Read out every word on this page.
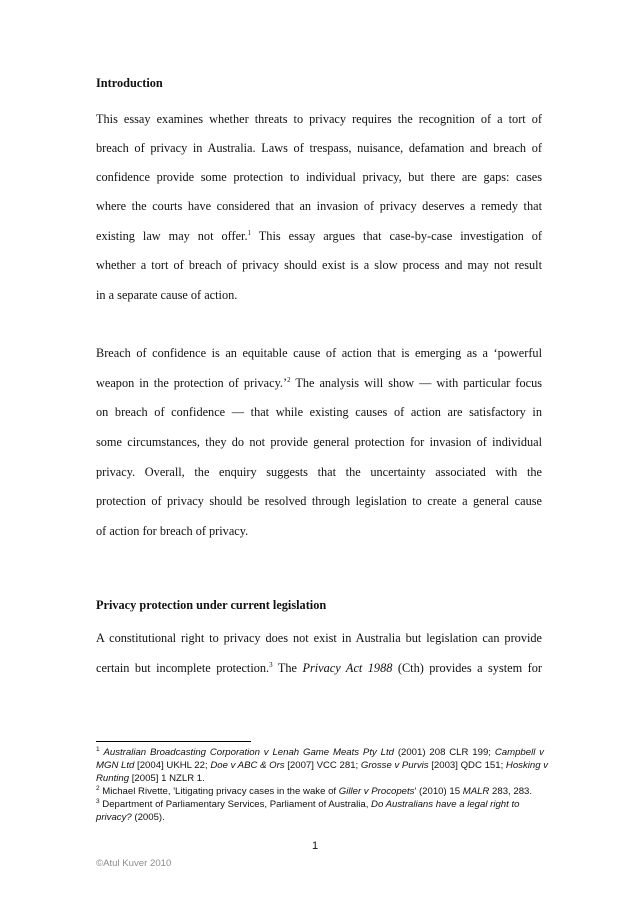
Introduction
This essay examines whether threats to privacy requires the recognition of a tort of
breach of privacy in Australia. Laws of trespass, nuisance, defamation and breach of
confidence provide some protection to individual privacy, but there are gaps: cases
where the courts have considered that an invasion of privacy deserves a remedy that
existing law may not offer.$^1$ This essay argues that case-by-case investigation of
whether a tort of breach of privacy should exist is a slow process and may not result
in a separate cause of action.
Breach of confidence is an equitable cause of action that is emerging as a ‘powerful
weapon in the protection of privacy.’$^2$ The analysis will show — with particular focus
on breach of confidence — that while existing causes of action are satisfactory in
some circumstances, they do not provide general protection for invasion of individual
privacy. Overall, the enquiry suggests that the uncertainty associated with the
protection of privacy should be resolved through legislation to create a general cause
of action for breach of privacy.
Privacy protection under current legislation
A constitutional right to privacy does not exist in Australia but legislation can provide
certain but incomplete protection.$^3$ The Privacy Act 1988 (Cth) provides a system for
$^1$ Australian Broadcasting Corporation v Lenah Game Meats Pty Ltd (2001) 208 CLR 199; Campbell v
MGN Ltd [2004] UKHL 22; Doe v ABC & Ors [2007] VCC 281; Grosse v Purvis [2003] QDC 151; Hosking v
Runting [2005] 1 NZLR 1.
$^2$ Michael Rivette, 'Litigating privacy cases in the wake of Giller v Procopets' (2010) 15 MALR 283, 283.
$^3$ Department of Parliamentary Services, Parliament of Australia, Do Australians have a legal right to
privacy? (2005).
1
©Atul Kuver 2010
